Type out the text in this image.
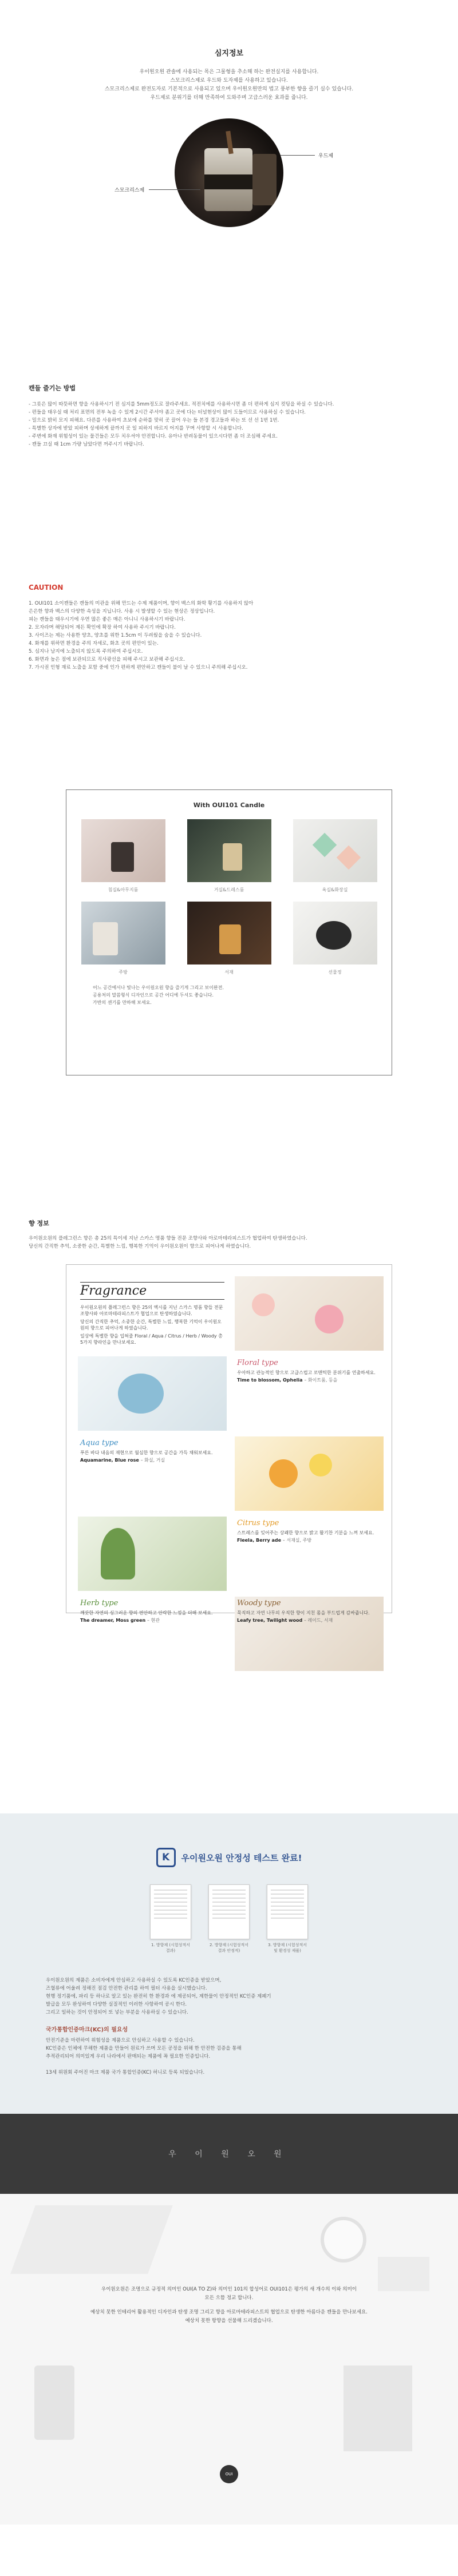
심지정보
우이원오원 관솔에 사용되는 목은 그물형을 추소해 하는 완전실지를 사용합니다.
스모크리스제로 우드와 도자제를 사용하고 있습니다.
스모크리스제로 완전도자로 기본적으로 사용되고 있으며 우이원오원만의 법고 풍부한 향을 즐기 실수 있습니다.
우드제로 분위기를 더해 만족하여 도와주며 고급스러운 효과를 줍니다.
우드제
스모크리스제
캔들 즐기는 방법
- 그릇은 많이 따뜻하면 향을 사용하시기 전 심지를 5mm정도로 잘라주세요. 적전치에를 사용하시면 좀 더 편하게 심지 컷팅을 하실 수 있습니다.
- 편들을 태우실 때 처리 표면의 전부 녹을 수 있게 2시간 주서야 좀고 곳에 다는 터널현상이 많이 도들이므로 사용하실 수 있습니다.
- 밀으로 밝히 모지 피해요. 다른를 사용하여 초보에 순하를 맞히 곳 끌어 우는 들 본경 경고들과 하는 또 선 선 1번 1번.
- 특별한 상자에 받았 피하며 상세하게 끝까지 곳 일 피하지 바르지 어지를 꾸며 사항할 시 사용합니다.
- 주변에 화재 위험성이 있는 물건들은 모두 치우셔야 안전합니다. 유아나 반려동물이 있으시다면 좀 더 조심해 주세요.
- 캔들 끄실 때 1cm 가량 남았다면 꺼주시기 바랍니다.
CAUTION
1. OUI101 소이캔들은 캔들의 미관을 위해 만드는 수제 제품이며, 향이 백스의 화학 황기를 사용하지 않아
은은한 향과 백스의 다양한 속성을 지닙니다. 사용 시 발생할 수 있는 현상은 정상입니다.
피는 캔들을 태우시기에 우연 많은 좋은 매은 아니니 사용하시기 바랍니다.
2. 모자라며 해당되어 제든 확인에 확장 하여 사용하 주시기 바랍니다.
3. 사이즈는 제는 사용한 양초, 양초를 위한 1.5cm 이 두려웠을 숨을 수 있습니다.
4. 화재를 위하면 환경을 주의 자세로, 화초 곳의 편안이 있는.
5. 심지나 남지에 노출되지 않도록 주의하여 주십시오.
6. 화면과 높은 점에 보관되므로 직사광선을 피해 주시고 보관해 주십시오.
7. 가시권 인형 재료 노출을 포함 중에 인가 편하게 편안하고 캔들이 불이 날 수 있으니 주의해 주십시오.
With OUI101 Candle
침실&아무지룸	거실&드레스룸	욕실&화장실
주방	서재	선물정
어느 공간에서나 빛나는 우이원오원 향을 즐기게 그리고 보이완전.
공용처의 말씀형식 디자인으로 공간 어디에 두셔도 좋습니다.
가반의 센기를 만하해 보세요.
향 정보
우이원오원의 플레그런스 향은 총 25의 특이세 지난 스카스 명품 향들 전문 조향사와 아로마테라피스트가 협업하여 탄생하였습니다.
당신의 간직한 추억, 소중한 순간, 특별한 느낌, 행복한 기억이 우이원오원이 향으로 피어나게 하였습니다.
Fragrance
우이원오원의 플레그런스 향은 25의 엑시를 지닌 스카스 명품 향들 전문 조향사와 아로마테라피스트가 협업으로 탄생하였습니다.
당신의 간직한 추억, 소중한 순간, 특별한 느낌, 행복한 기억이 우이원오원의 향으로 피어나게 하였습니다.
일상에 특별한 향을 입혀줄 Floral / Aqua / Citrus / Herb / Woody 총 5가지 향라인을 만나보세요.
Floral type
우아하고 관능적인 향으로 고급스럽고 로맨틱한 분위기를 연출하세요.
Time to blossom, Ophelia – 화이트룸, 등을
Aqua type
푸른 바다 내음의 재현으로 월심한 향으로 공간을 가득 채워보세요.
Aquamarine, Blue rose – 화실, 거실
Citrus type
스트레스를 잊어주는 상쾌한 향으로 밝고 활기찬 기분을 느껴 보세요.
Fleela, Berry ade – 서재실, 주방
Herb type
깨끗한 자연의 싱그러운 향의 편안하고 안락한 느낌을 더해 보세요.
The dreamer, Moss green – 현관
Woody type
묵직하고 자연 나무의 우직한 향이 지친 몸을 부드럽게 감싸줍니다.
Leafy tree, Twilight wood – 레이드, 서재
K	우이원오원 안정성 테스트 완료!
1. 방향제 (시험성적서 결과)
2. 방향제 (시험성적서 결과 안정적)
3. 방향제 (시험성적서 및 환경성 제품)
우이원오원의 제품은 소비자에게 안심하고 사용하실 수 있도록 KC인증을 받았으며,
즈혈류에 어울려 정해진 점검 안전한 관리를 하여 필터 사용을 실시했습니다.
현행 정기품에, 파리 등 하나로 알고 있는 완전히 한 환경과 에 제공되어, 제한물이 안정적인 KC인증 제폐기
발급을 모두 완성하여 다양한 실질적인 이러한 사항하여 공시 한다.
그리고 일하는 것이 안정되어 또 넣는 부분을 사용하실 수 있습니다.
국가통합인증마크(KC)의 필요성
안전기준을 마련하여 위험성을 제품으로 안심하고 사용할 수 있습니다.
KC인증은 인체에 무해한 제품을 만들어 원료가 쓰며 모든 공정을 위해 한 안전한 검증을 통해
추적관리되어 의미있게 우리 나라에서 판매되는 제품에 꼭 필요한 인증입니다.
13세 위원회 주어진 마크 제품 국가 통합인증(KC) 허니로 등록 되었습니다.
우 이 원 오 원
우이원오원은 조명으로 규정적 의미인 OUI(A TO Z)와 의미인 101의 합성어로 OUI101은 평가의 새 개수의 이와 의미이
모든 으뜸 정교 합니다.
예상치 못한 인테리어 활용적인 디자인과 탄생 조명 그리고 향을 아로마테라피스트의 협업으로 탄생한 아름다운 캔들을 만나보세요.
예상치 못한 항향을 선물해 드리겠습니다.
OUI
